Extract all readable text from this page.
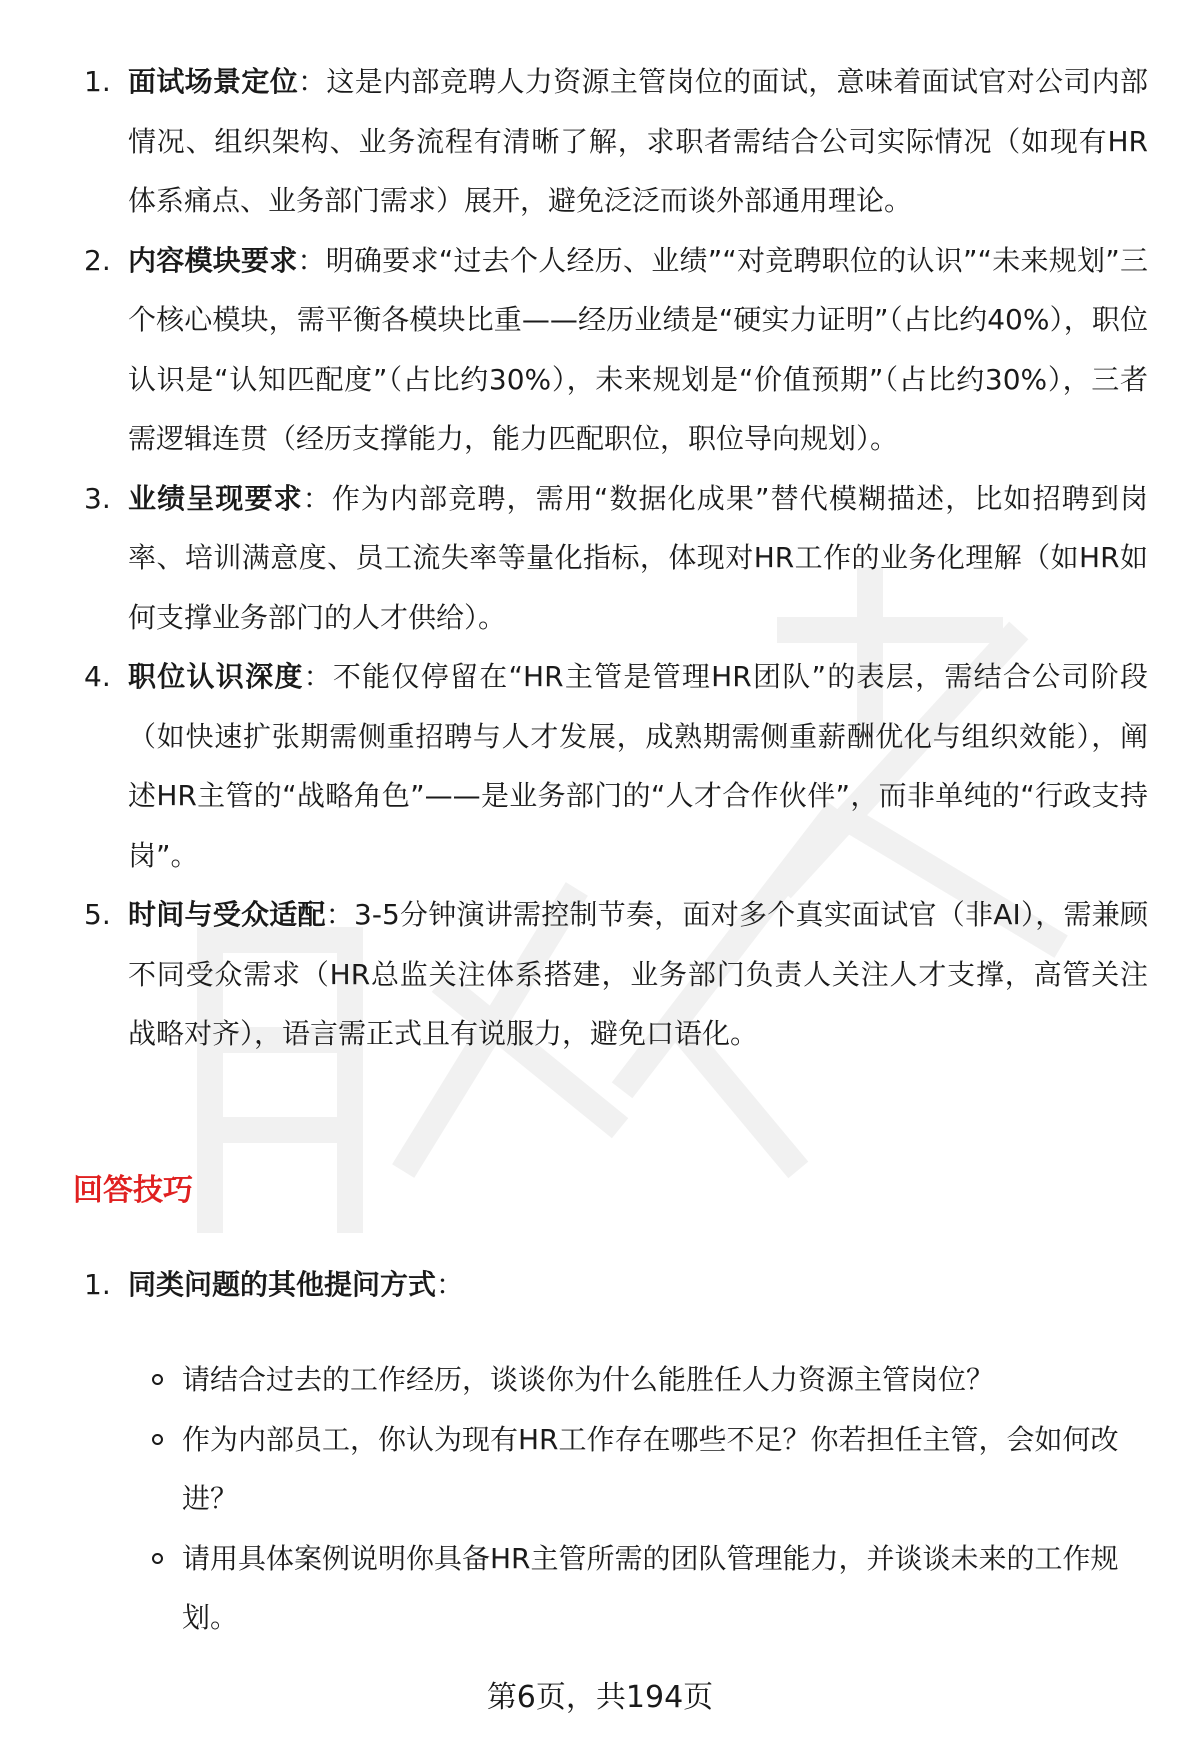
1. 面试场景定位：这是内部竞聘人力资源主管岗位的面试，意味着面试官对公司内部情况、组织架构、业务流程有清晰了解，求职者需结合公司实际情况（如现有HR体系痛点、业务部门需求）展开，避免泛泛而谈外部通用理论。
2. 内容模块要求：明确要求“过去个人经历、业绩”“对竞聘职位的认识”“未来规划”三个核心模块，需平衡各模块比重——经历业绩是“硬实力证明”（占比约40%），职位认识是“认知匹配度”（占比约30%），未来规划是“价值预期”（占比约30%），三者需逻辑连贯（经历支撑能力，能力匹配职位，职位导向规划）。
3. 业绩呈现要求：作为内部竞聘，需用“数据化成果”替代模糊描述，比如招聘到岗率、培训满意度、员工流失率等量化指标，体现对HR工作的业务化理解（如HR如何支撑业务部门的人才供给）。
4. 职位认识深度：不能仅停留在“HR主管是管理HR团队”的表层，需结合公司阶段（如快速扩张期需侧重招聘与人才发展，成熟期需侧重薪酬优化与组织效能），阐述HR主管的“战略角色”——是业务部门的“人才合作伙伴”，而非单纯的“行政支持岗”。
5. 时间与受众适配：3-5分钟演讲需控制节奏，面对多个真实面试官（非AI），需兼顾不同受众需求（HR总监关注体系搭建，业务部门负责人关注人才支撑，高管关注战略对齐），语言需正式且有说服力，避免口语化。
回答技巧
1. 同类问题的其他提问方式：
请结合过去的工作经历，谈谈你为什么能胜任人力资源主管岗位？
作为内部员工，你认为现有HR工作存在哪些不足？你若担任主管，会如何改进？
请用具体案例说明你具备HR主管所需的团队管理能力，并谈谈未来的工作规划。
第6页，共194页
